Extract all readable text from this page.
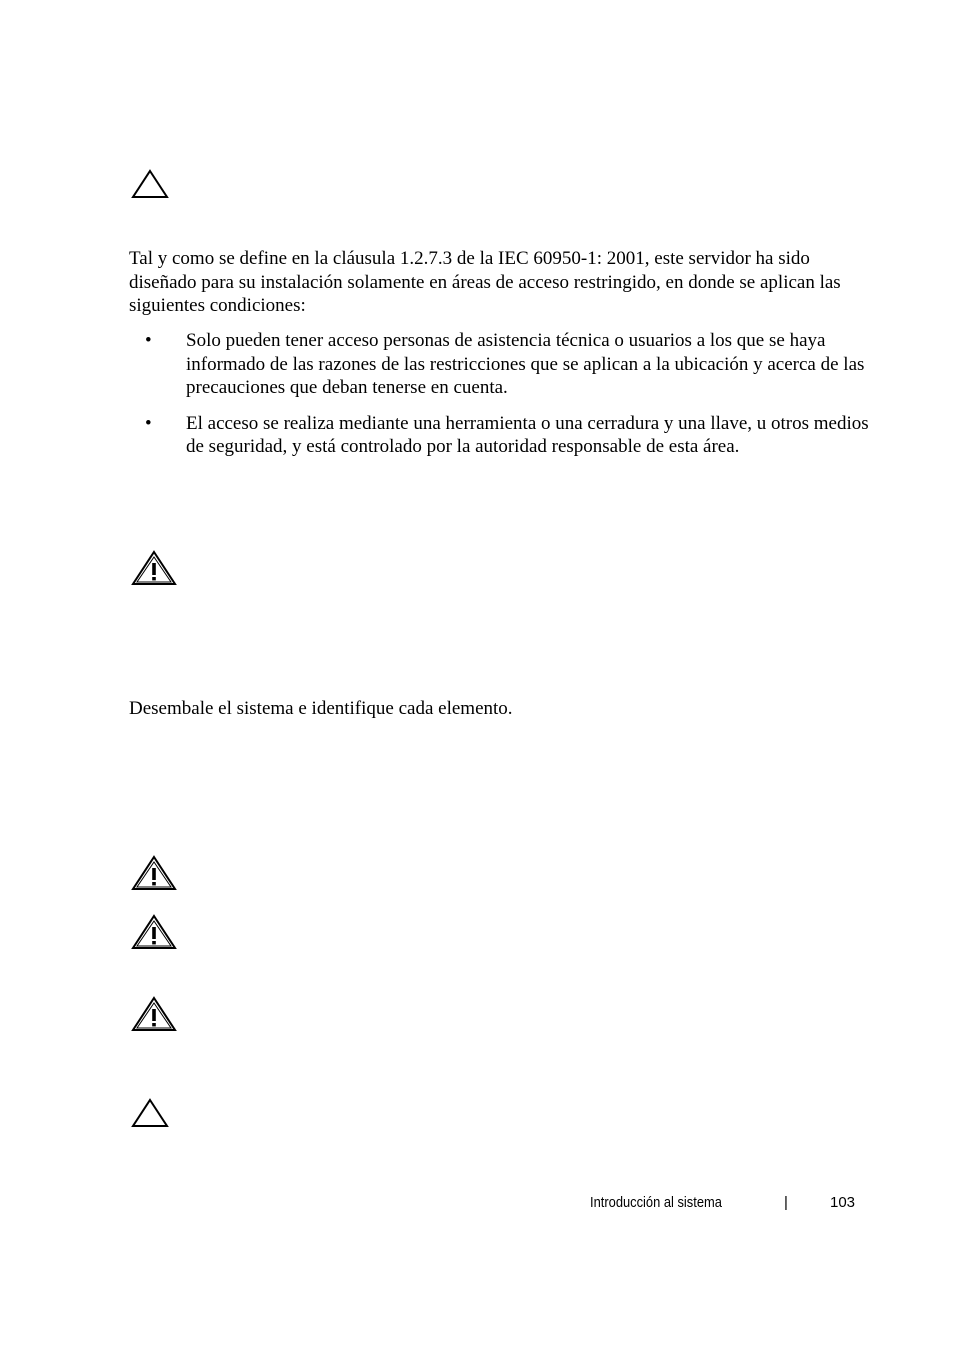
Tal y como se define en la cláusula 1.2.7.3 de la IEC 60950-1: 2001, este servidor ha sido diseñado para su instalación solamente en áreas de acceso restringido, en donde se aplican las siguientes condiciones:

• Solo pueden tener acceso personas de asistencia técnica o usuarios a los que se haya informado de las razones de las restricciones que se aplican a la ubicación y acerca de las precauciones que deban tenerse en cuenta.
• El acceso se realiza mediante una herramienta o una cerradura y una llave, u otros medios de seguridad, y está controlado por la autoridad responsable de esta área.

Desembale el sistema e identifique cada elemento.

Introducción al sistema	|	103
